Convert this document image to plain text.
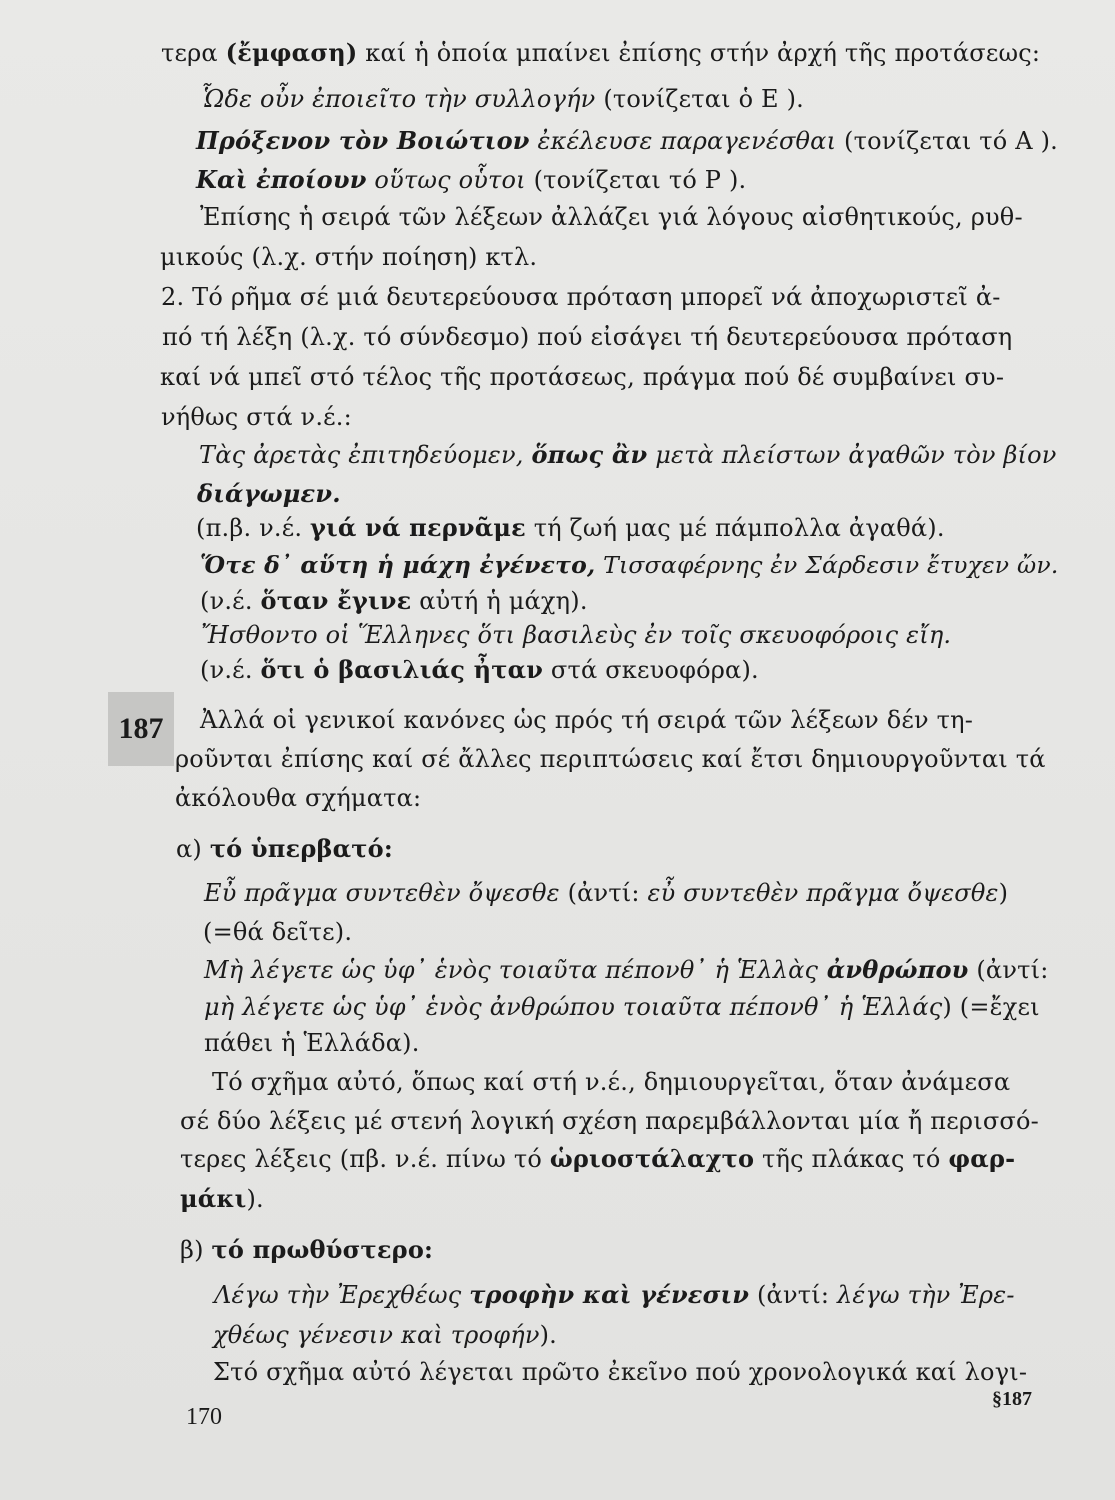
τερα (ἔμφαση) καί ἡ ὁποία μπαίνει ἐπίσης στήν ἀρχή τῆς προτάσεως:

Ὧδε οὖν ἐποιεῖτο τὴν συλλογήν (τονίζεται ὁ Ε ).

Πρόξενον τὸν Βοιώτιον ἐκέλευσε παραγενέσθαι (τονίζεται τό Α ).

Καὶ ἐποίουν οὕτως οὗτοι (τονίζεται τό Ρ ).

Ἐπίσης ἡ σειρά τῶν λέξεων ἀλλάζει γιά λόγους αἰσθητικούς, ρυθ-

μικούς (λ.χ. στήν ποίηση) κτλ.

2. Τό ρῆμα σέ μιά δευτερεύουσα πρόταση μπορεῖ νά ἀποχωριστεῖ ἀ-

πό τή λέξη (λ.χ. τό σύνδεσμο) πού εἰσάγει τή δευτερεύουσα πρόταση

καί νά μπεῖ στό τέλος τῆς προτάσεως, πράγμα πού δέ συμβαίνει συ-

νήθως στά ν.έ.:

Τὰς ἀρετὰς ἐπιτηδεύομεν, ὅπως ἂν μετὰ πλείστων ἀγαθῶν τὸν βίον

διάγωμεν.

(π.β. ν.έ. γιά νά περνᾶμε τή ζωή μας μέ πάμπολλα ἀγαθά).

Ὅτε δ᾽ αὕτη ἡ μάχη ἐγένετο, Τισσαφέρνης ἐν Σάρδεσιν ἔτυχεν ὤν.

(ν.έ. ὅταν ἔγινε αὐτή ἡ μάχη).

Ἤσθοντο οἱ Ἕλληνες ὅτι βασιλεὺς ἐν τοῖς σκευοφόροις εἴη.

(ν.έ. ὅτι ὁ βασιλιάς ἦταν στά σκευοφόρα).

Ἀλλά οἱ γενικοί κανόνες ὡς πρός τή σειρά τῶν λέξεων δέν τη-

ροῦνται ἐπίσης καί σέ ἄλλες περιπτώσεις καί ἔτσι δημιουργοῦνται τά

ἀκόλουθα σχήματα:

α) τό ὑπερβατό:

Εὖ πρᾶγμα συντεθὲν ὄψεσθε (ἀντί: εὖ συντεθὲν πρᾶγμα ὄψεσθε)

(=θά δεῖτε).

Μὴ λέγετε ὡς ὑφ᾽ ἑνὸς τοιαῦτα πέπονθ᾽ ἡ Ἑλλὰς ἀνθρώπου (ἀντί:

μὴ λέγετε ὡς ὑφ᾽ ἑνὸς ἀνθρώπου τοιαῦτα πέπονθ᾽ ἡ Ἑλλάς) (=ἔχει

πάθει ἡ Ἑλλάδα).

Τό σχῆμα αὐτό, ὅπως καί στή ν.έ., δημιουργεῖται, ὅταν ἀνάμεσα

σέ δύο λέξεις μέ στενή λογική σχέση παρεμβάλλονται μία ἤ περισσό-

τερες λέξεις (πβ. ν.έ. πίνω τό ὡριοστάλαχτο τῆς πλάκας τό φαρ-

μάκι).

β) τό πρωθύστερο:

Λέγω τὴν Ἐρεχθέως τροφὴν καὶ γένεσιν (ἀντί: λέγω τὴν Ἐρε-

χθέως γένεσιν καὶ τροφήν).

Στό σχῆμα αὐτό λέγεται πρῶτο ἐκεῖνο πού χρονολογικά καί λογι-

187
170
§187
